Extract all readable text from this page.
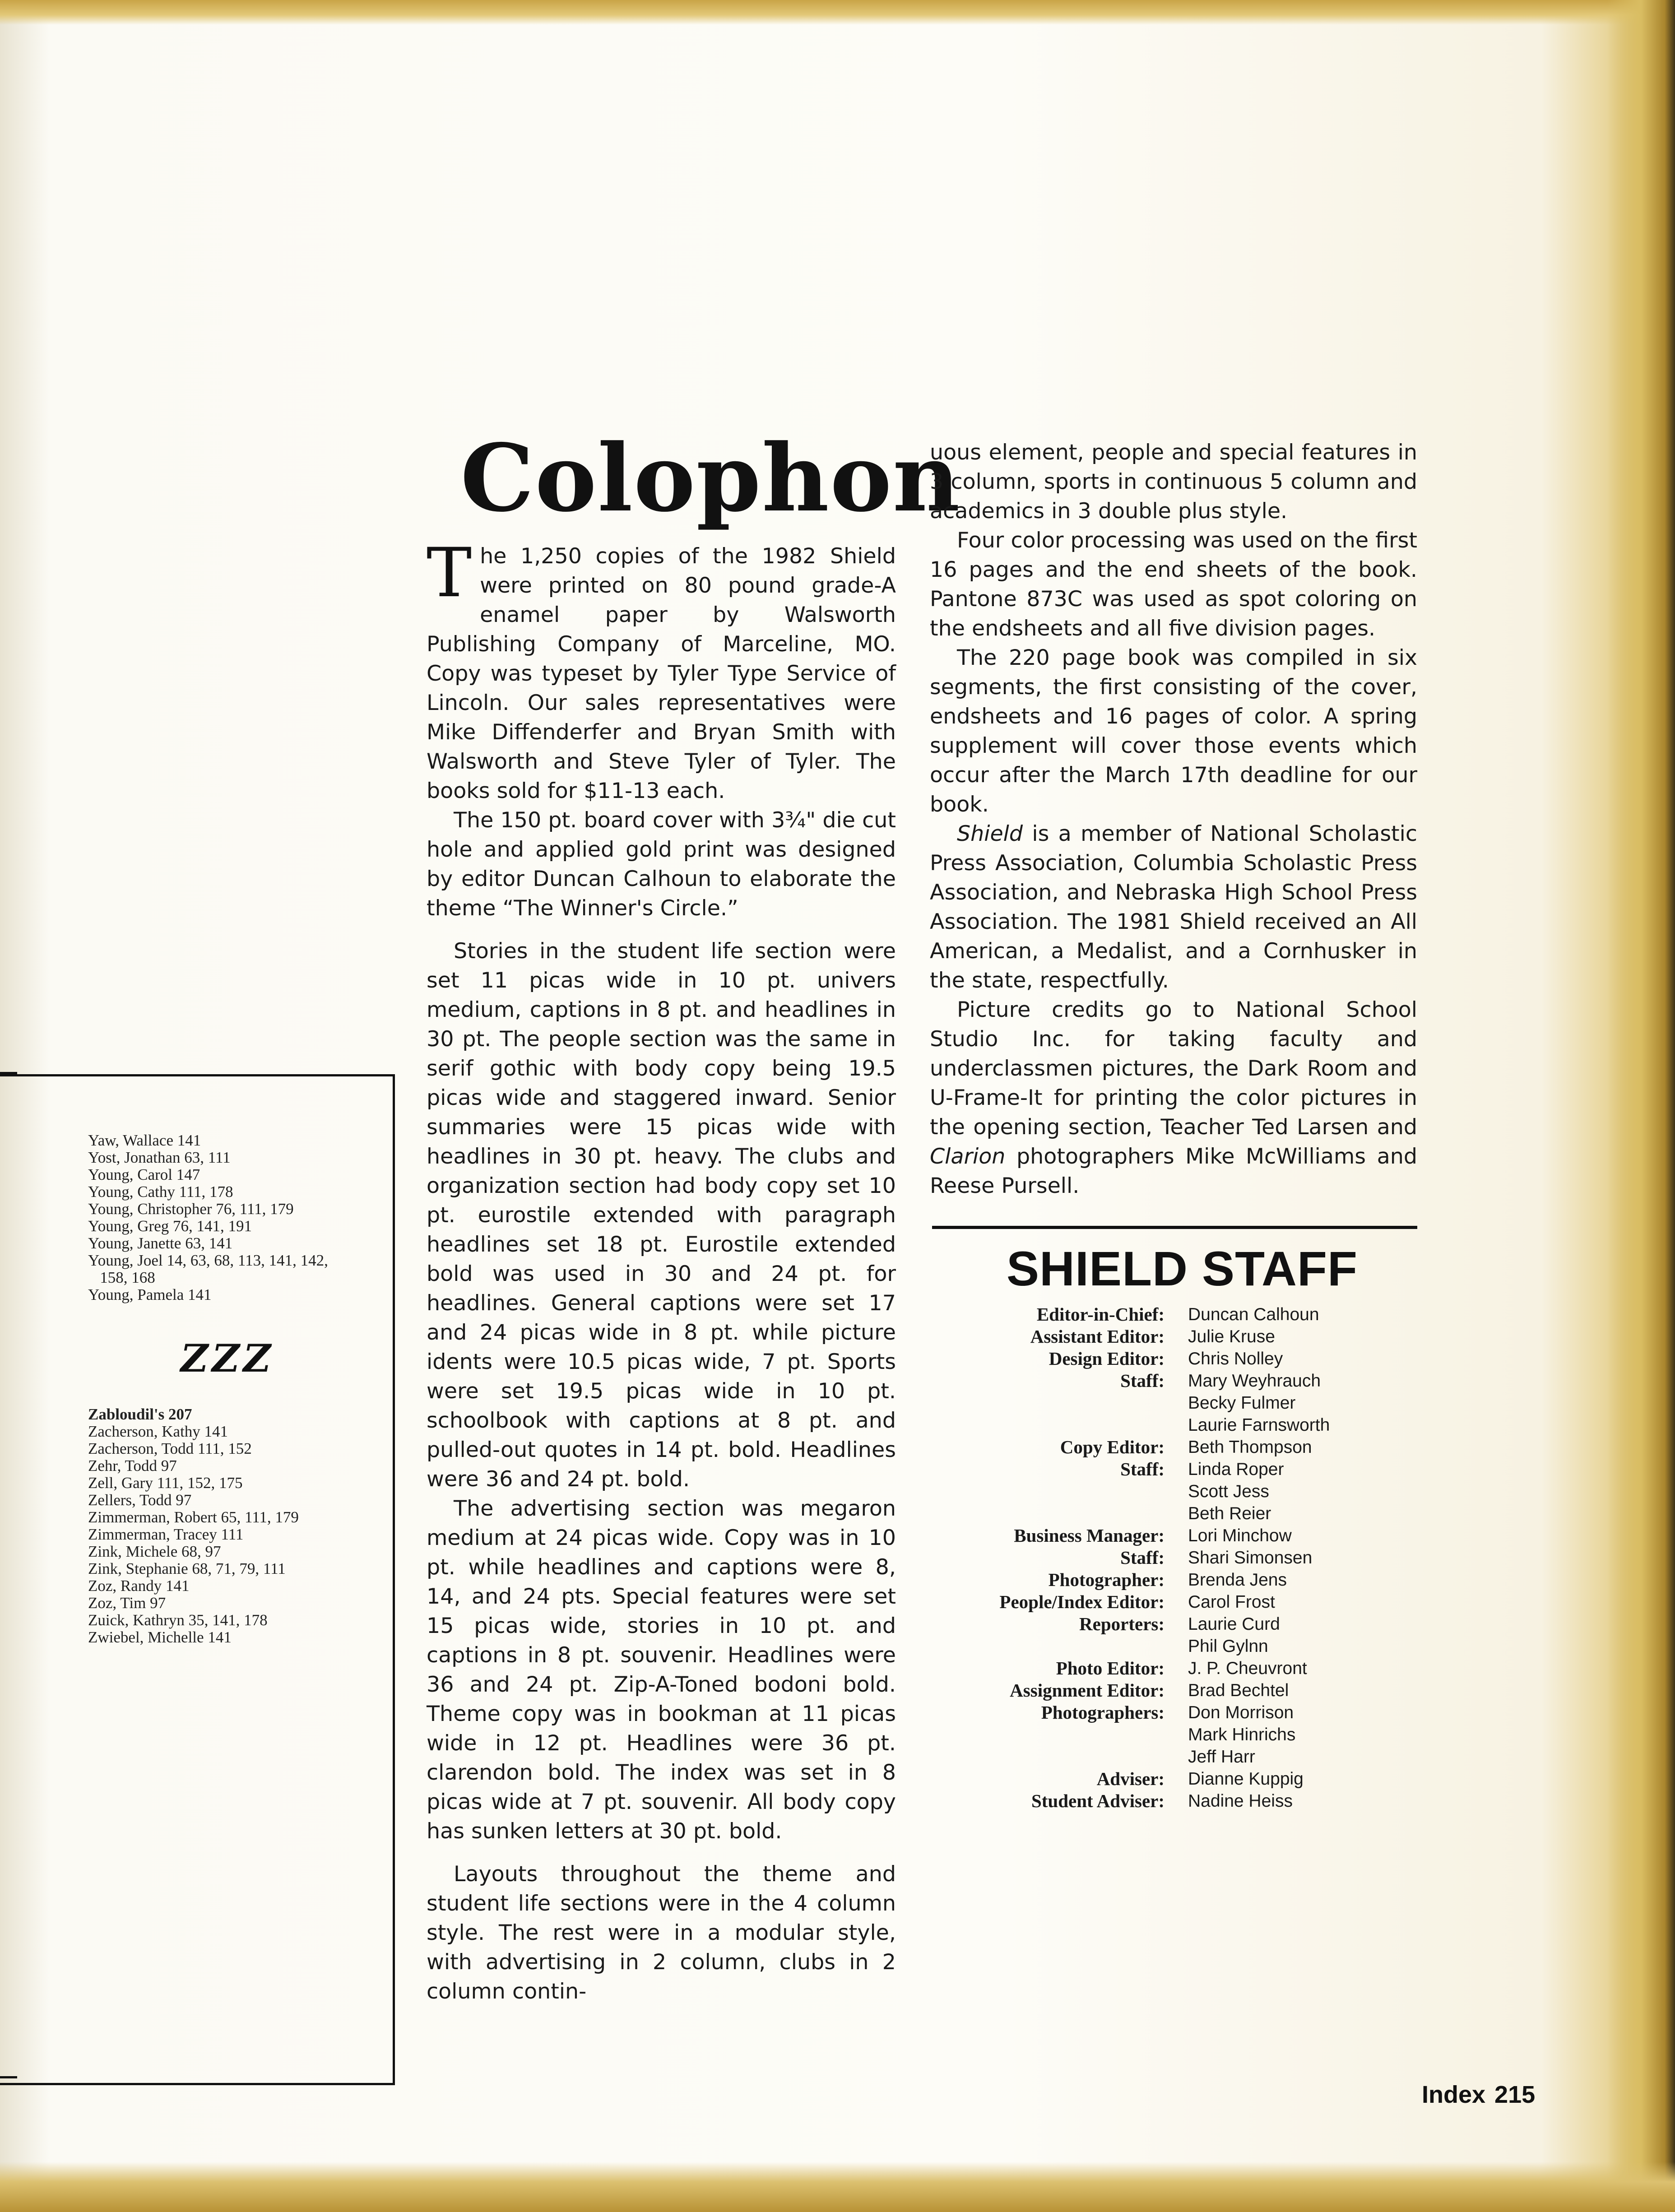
Yaw, Wallace 141
Yost, Jonathan 63, 111
Young, Carol 147
Young, Cathy 111, 178
Young, Christopher 76, 111, 179
Young, Greg 76, 141, 191
Young, Janette 63, 141
Young, Joel 14, 63, 68, 113, 141, 142,
158, 168
Young, Pamela 141
ZZZ
Zabloudil's 207
Zacherson, Kathy 141
Zacherson, Todd 111, 152
Zehr, Todd 97
Zell, Gary 111, 152, 175
Zellers, Todd 97
Zimmerman, Robert 65, 111, 179
Zimmerman, Tracey 111
Zink, Michele 68, 97
Zink, Stephanie 68, 71, 79, 111
Zoz, Randy 141
Zoz, Tim 97
Zuick, Kathryn 35, 141, 178
Zwiebel, Michelle 141
Colophon

The 1,250 copies of the 1982 Shield were printed on 80 pound grade-A enamel paper by Walsworth Publishing Company of Marceline, MO. Copy was typeset by Tyler Type Service of Lincoln. Our sales representatives were Mike Diffenderfer and Bryan Smith with Walsworth and Steve Tyler of Tyler. The books sold for $11-13 each.

The 150 pt. board cover with 3¾" die cut hole and applied gold print was designed by editor Duncan Calhoun to elaborate the theme “The Winner's Circle.”

Stories in the student life section were set 11 picas wide in 10 pt. univers medium, captions in 8 pt. and headlines in 30 pt. The people section was the same in serif gothic with body copy being 19.5 picas wide and staggered inward. Senior summaries were 15 picas wide with headlines in 30 pt. heavy. The clubs and organization section had body copy set 10 pt. eurostile extended with paragraph headlines set 18 pt. Eurostile extended bold was used in 30 and 24 pt. for headlines. General captions were set 17 and 24 picas wide in 8 pt. while picture idents were 10.5 picas wide, 7 pt. Sports were set 19.5 picas wide in 10 pt. schoolbook with captions at 8 pt. and pulled-out quotes in 14 pt. bold. Headlines were 36 and 24 pt. bold.

The advertising section was megaron medium at 24 picas wide. Copy was in 10 pt. while headlines and captions were 8, 14, and 24 pts. Special features were set 15 picas wide, stories in 10 pt. and captions in 8 pt. souvenir. Headlines were 36 and 24 pt. Zip-A-Toned bodoni bold. Theme copy was in bookman at 11 picas wide in 12 pt. Headlines were 36 pt. clarendon bold. The index was set in 8 picas wide at 7 pt. souvenir. All body copy has sunken letters at 30 pt. bold.

Layouts throughout the theme and student life sections were in the 4 column style. The rest were in a modular style, with advertising in 2 column, clubs in 2 column contin-

uous element, people and special features in 3 column, sports in continuous 5 column and academics in 3 double plus style.

Four color processing was used on the first 16 pages and the end sheets of the book. Pantone 873C was used as spot coloring on the endsheets and all five division pages.

The 220 page book was compiled in six segments, the first consisting of the cover, endsheets and 16 pages of color. A spring supplement will cover those events which occur after the March 17th deadline for our book.

Shield is a member of National Scholastic Press Association, Columbia Scholastic Press Association, and Nebraska High School Press Association. The 1981 Shield received an All American, a Medalist, and a Cornhusker in the state, respectfully.

Picture credits go to National School Studio Inc. for taking faculty and underclassmen pictures, the Dark Room and U-Frame-It for printing the color pictures in the opening section, Teacher Ted Larsen and Clarion photographers Mike McWilliams and Reese Pursell.

SHIELD STAFF
Editor-in-Chief:	Duncan Calhoun
Assistant Editor:	Julie Kruse
Design Editor:	Chris Nolley
Staff:	Mary Weyhrauch
Becky Fulmer
Laurie Farnsworth
Copy Editor:	Beth Thompson
Staff:	Linda Roper
Scott Jess
Beth Reier
Business Manager:	Lori Minchow
Staff:	Shari Simonsen
Photographer:	Brenda Jens
People/Index Editor:	Carol Frost
Reporters:	Laurie Curd
Phil Gylnn
Photo Editor:	J. P. Cheuvront
Assignment Editor:	Brad Bechtel
Photographers:	Don Morrison
Mark Hinrichs
Jeff Harr
Adviser:	Dianne Kuppig
Student Adviser:	Nadine Heiss
Index 215
